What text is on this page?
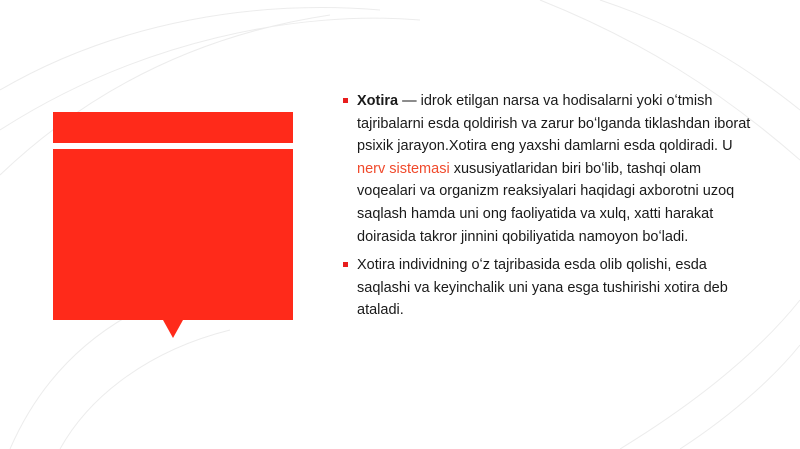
Xotira — idrok etilgan narsa va hodisalarni yoki oʻtmish tajribalarni esda qoldirish va zarur boʻlganda tiklashdan iborat psixik jarayon.Xotira eng yaxshi damlarni esda qoldiradi. U nerv sistemasi xususiyatlaridan biri boʻlib, tashqi olam voqealari va organizm reaksiyalari haqidagi axborotni uzoq saqlash hamda uni ong faoliyatida va xulq, xatti harakat doirasida takror jinnini qobiliyatida namoyon boʻladi.
Xotira individning oʻz tajribasida esda olib qolishi, esda saqlashi va keyinchalik uni yana esga tushirishi xotira deb ataladi.
